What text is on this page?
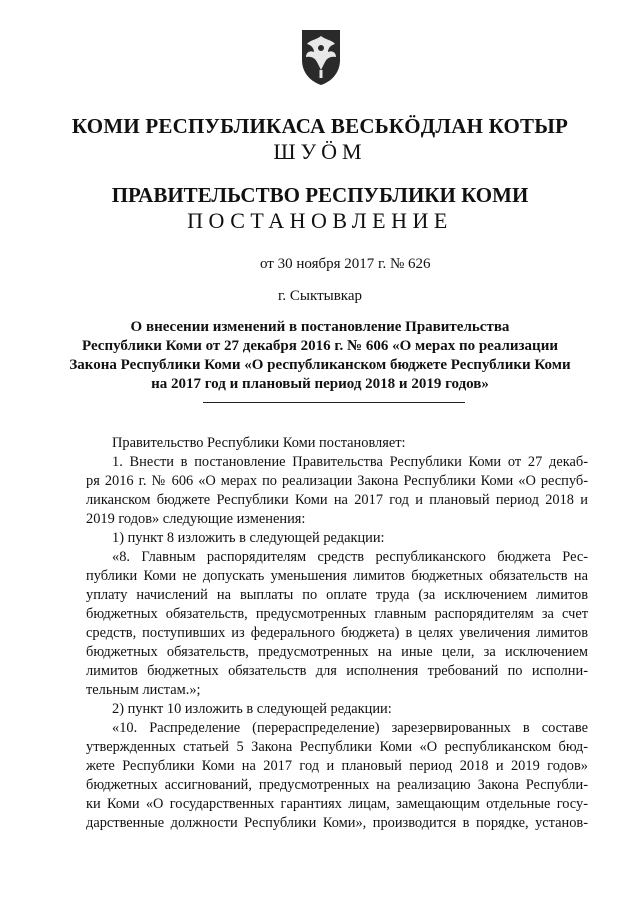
КОМИ РЕСПУБЛИКАСА ВЕСЬКӦДЛАН КОТЫР
ШУӦМ
ПРАВИТЕЛЬСТВО РЕСПУБЛИКИ КОМИ
ПОСТАНОВЛЕНИЕ
от 30 ноября 2017 г. № 626
г. Сыктывкар
О внесении изменений в постановление Правительства
Республики Коми от 27 декабря 2016 г. № 606 «О мерах по реализации
Закона Республики Коми «О республиканском бюджете Республики Коми
на 2017 год и плановый период 2018 и 2019 годов»
Правительство Республики Коми постановляет:
1. Внести в постановление Правительства Республики Коми от 27 декаб-
ря 2016 г. № 606 «О мерах по реализации Закона Республики Коми «О респуб-
ликанском бюджете Республики Коми на 2017 год и плановый период 2018 и
2019 годов» следующие изменения:
1) пункт 8 изложить в следующей редакции:
«8. Главным распорядителям средств республиканского бюджета Рес-
публики Коми не допускать уменьшения лимитов бюджетных обязательств на
уплату начислений на выплаты по оплате труда (за исключением лимитов
бюджетных обязательств, предусмотренных главным распорядителям за счет
средств, поступивших из федерального бюджета) в целях увеличения лимитов
бюджетных обязательств, предусмотренных на иные цели, за исключением
лимитов бюджетных обязательств для исполнения требований по исполни-
тельным листам.»;
2) пункт 10 изложить в следующей редакции:
«10. Распределение (перераспределение) зарезервированных в составе
утвержденных статьей 5 Закона Республики Коми «О республиканском бюд-
жете Республики Коми на 2017 год и плановый период 2018 и 2019 годов»
бюджетных ассигнований, предусмотренных на реализацию Закона Республи-
ки Коми «О государственных гарантиях лицам, замещающим отдельные госу-
дарственные должности Республики Коми», производится в порядке, установ-
